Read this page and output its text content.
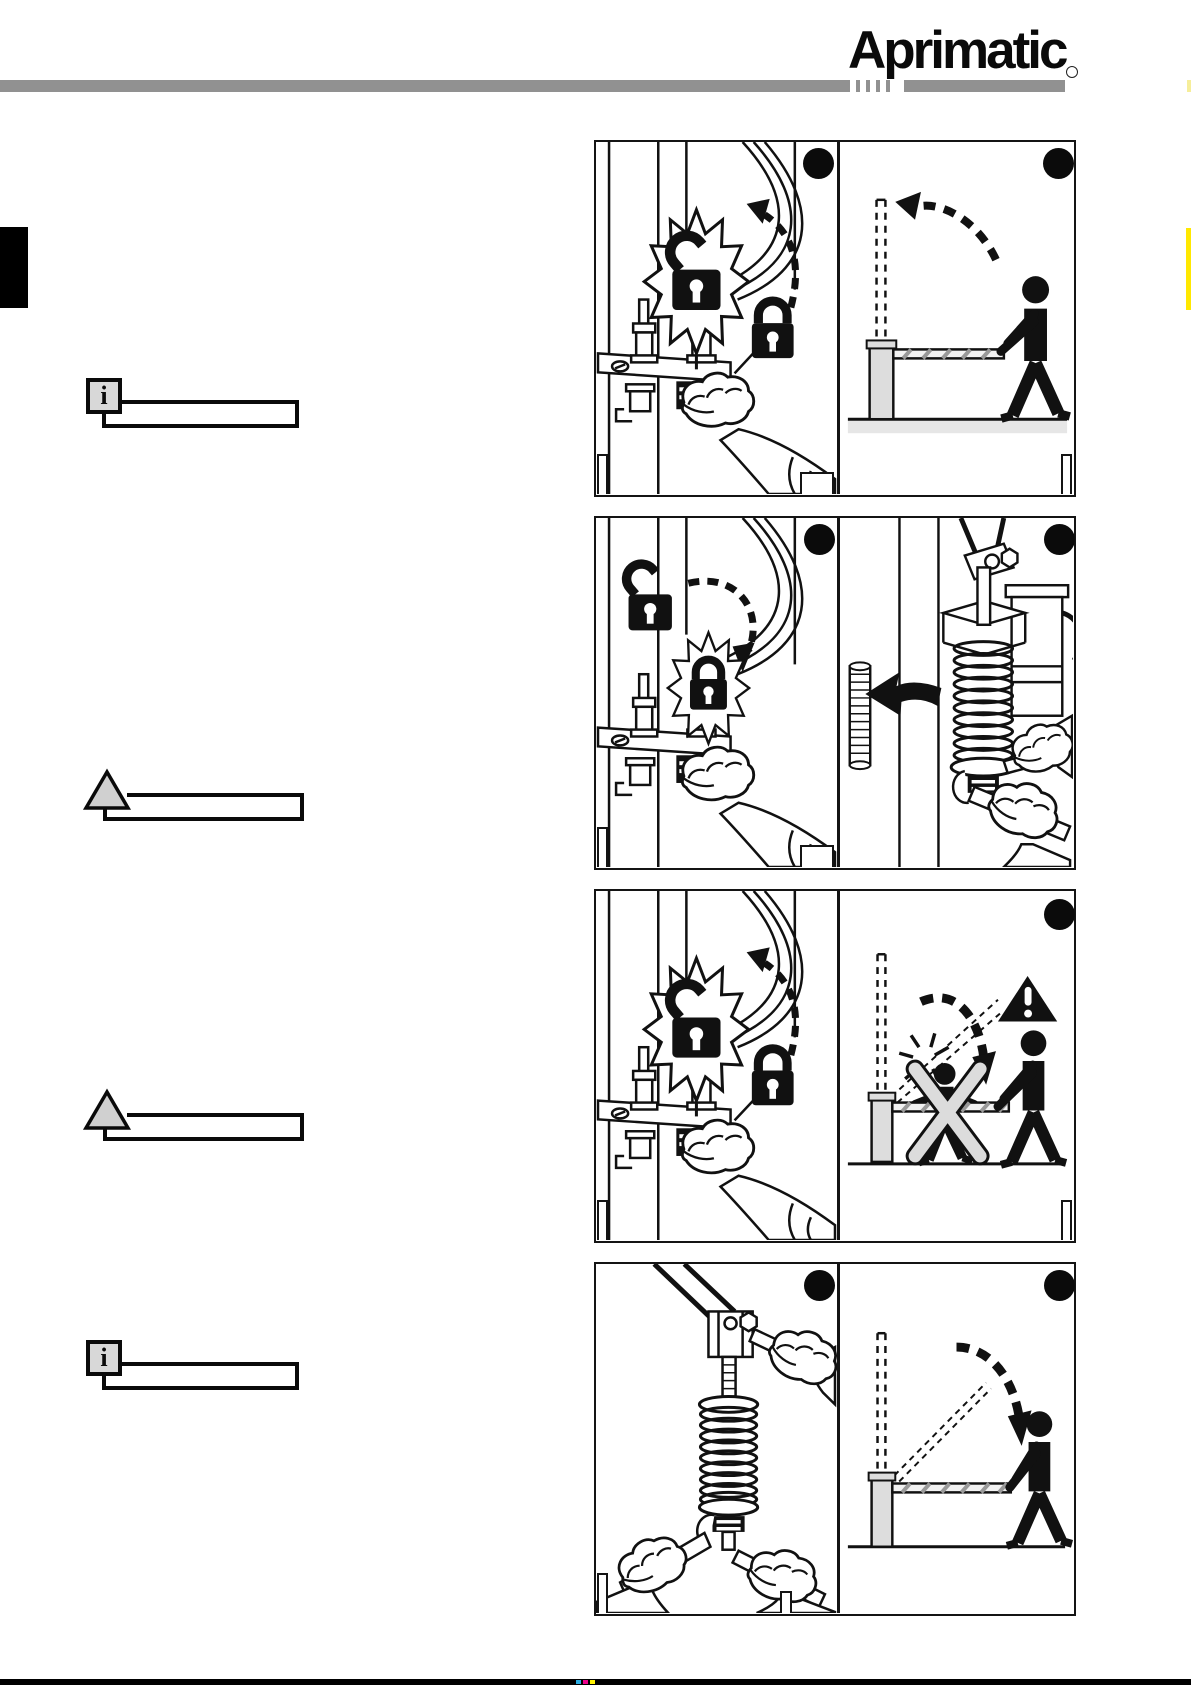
Aprimatic
i
i
